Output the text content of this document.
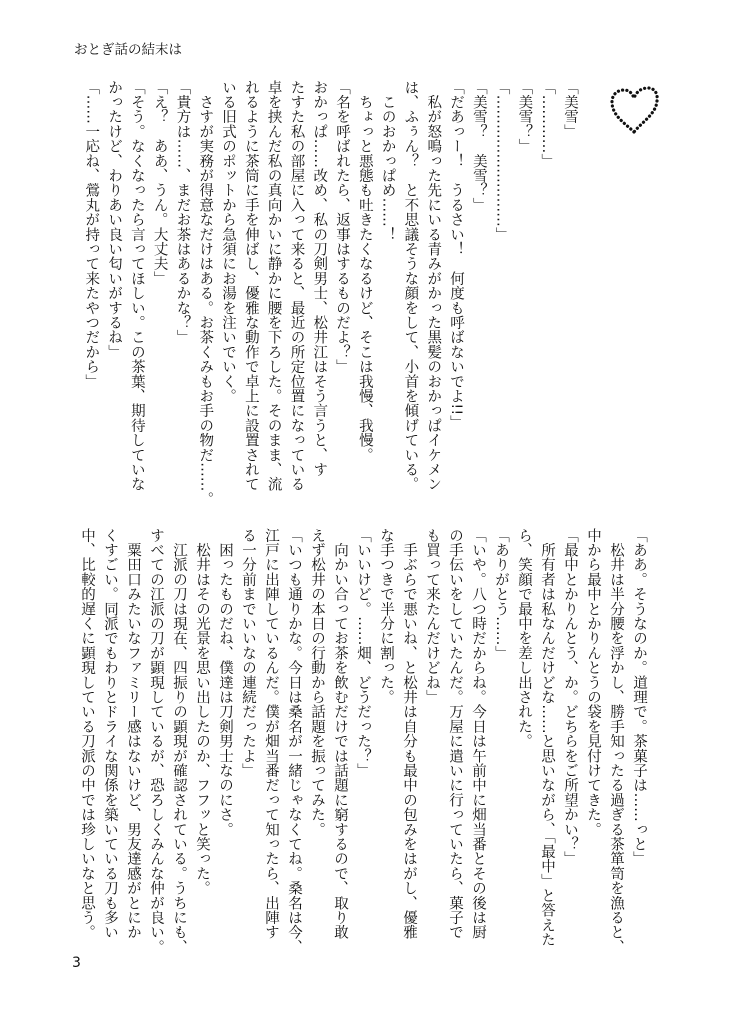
おとぎ話の結末は
「美雪」
「…………」
「美雪？」
「………………………」
「美雪？　美雪？」
「だあっー！　うるさい！　何度も呼ばないでよ!!」
　私が怒鳴った先にいる青みがかった黒髪のおかっぱイケメン
は、ふぅん？　と不思議そうな顔をして、小首を傾げている。
　このおかっぱめ……！
　ちょっと悪態も吐きたくなるけど、そこは我慢、我慢。
「名を呼ばれたら、返事はするものだよ？」
おかっぱ……改め、私の刀剣男士、松井江はそう言うと、す
たすた私の部屋に入って来ると、最近の所定位置になっている
卓を挟んだ私の真向かいに静かに腰を下ろした。そのまま、流
れるように茶筒に手を伸ばし、優雅な動作で卓上に設置されて
いる旧式のポットから急須にお湯を注いでいく。
　さすが実務が得意なだけはある。お茶くみもお手の物だ……。
「貴方は……、まだお茶はあるかな？」
「え？　ああ、うん。大丈夫」
「そう。なくなったら言ってほしい。この茶葉、期待していな
かったけど、わりあい良い匂いがするね」
「……一応ね、鶯丸が持って来たやつだから」
「ああ。そうなのか。道理で。茶菓子は……っと」
　松井は半分腰を浮かし、勝手知ったる過ぎる茶箪笥を漁ると、
中から最中とかりんとうの袋を見付けてきた。
「最中とかりんとう、か。どちらをご所望かい？」
　所有者は私なんだけどな……と思いながら、「最中」と答えた
ら、笑顔で最中を差し出された。
「ありがとう……」
「いや。八つ時だからね。今日は午前中に畑当番とその後は厨
の手伝いをしていたんだ。万屋に遣いに行っていたら、菓子で
も買って来たんだけどね」
　手ぶらで悪いね、と松井は自分も最中の包みをはがし、優雅
な手つきで半分に割った。
「いいけど。……畑、どうだった？」
　向かい合ってお茶を飲むだけでは話題に窮するので、取り敢
えず松井の本日の行動から話題を振ってみた。
「いつも通りかな。今日は桑名が一緒じゃなくてね。桑名は今、
江戸に出陣しているんだ。僕が畑当番だって知ったら、出陣す
る一分前までいいなの連続だったよ」
　困ったものだね、僕達は刀剣男士なのにさ。
　松井はその光景を思い出したのか、フフッと笑った。
　江派の刀は現在、四振りの顕現が確認されている。うちにも、
すべての江派の刀が顕現しているが、恐ろしくみんな仲が良い。
　粟田口みたいなファミリー感はないけど、男友達感がとにか
くすごい。同派でもわりとドライな関係を築いている刀も多い
中、比較的遅くに顕現している刀派の中では珍しいなと思う。
3
